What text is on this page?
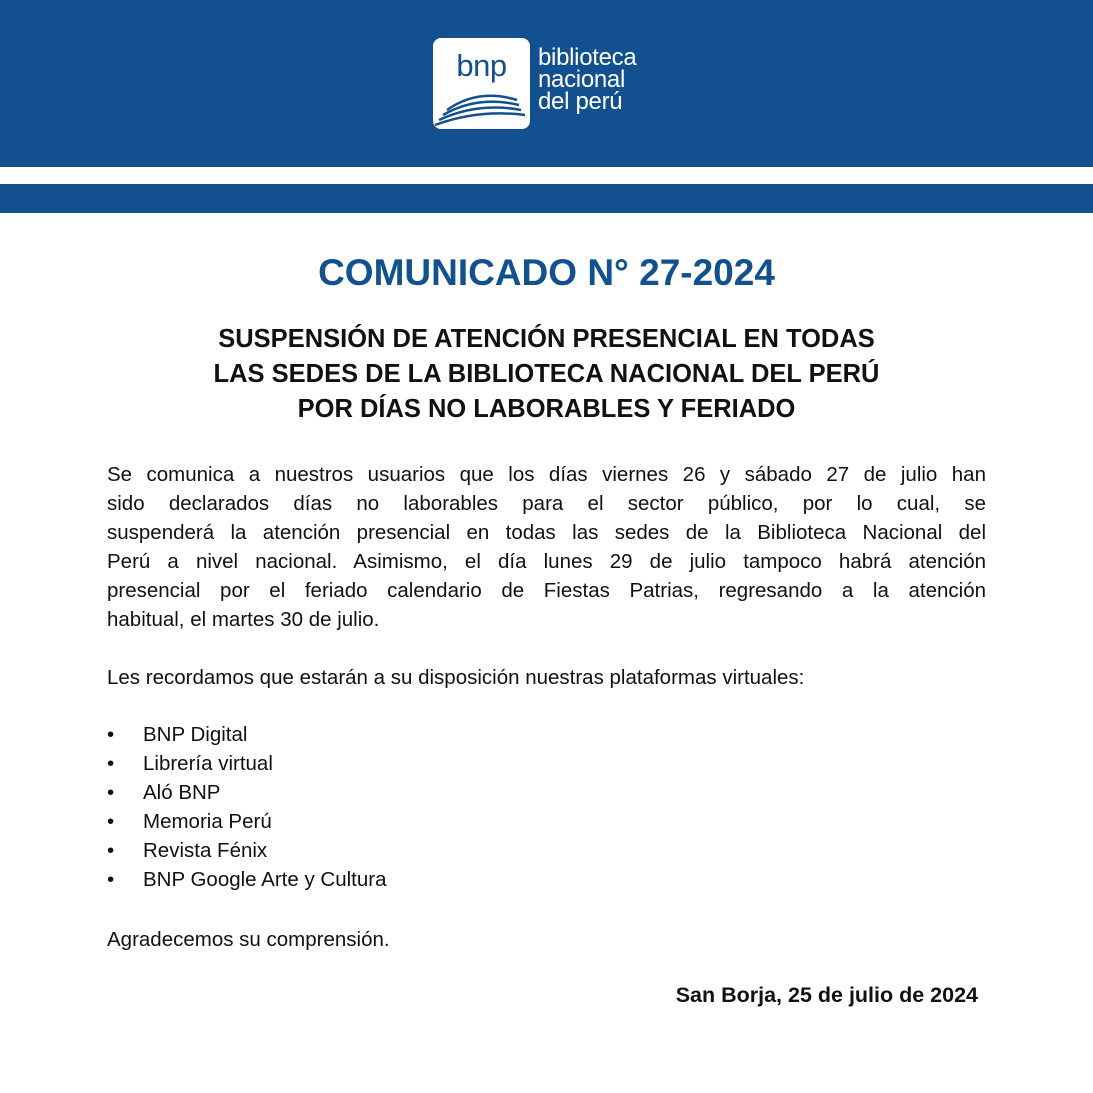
bnp	biblioteca
nacional
del perú
COMUNICADO N° 27-2024
SUSPENSIÓN DE ATENCIÓN PRESENCIAL EN TODAS
LAS SEDES DE LA BIBLIOTECA NACIONAL DEL PERÚ
POR DÍAS NO LABORABLES Y FERIADO
Se comunica a nuestros usuarios que los días viernes 26 y sábado 27 de julio han
sido declarados días no laborables para el sector público, por lo cual, se
suspenderá la atención presencial en todas las sedes de la Biblioteca Nacional del
Perú a nivel nacional. Asimismo, el día lunes 29 de julio tampoco habrá atención
presencial por el feriado calendario de Fiestas Patrias, regresando a la atención
habitual, el martes 30 de julio.
Les recordamos que estarán a su disposición nuestras plataformas virtuales:
• BNP Digital
• Librería virtual
• Aló BNP
• Memoria Perú
• Revista Fénix
• BNP Google Arte y Cultura
Agradecemos su comprensión.
San Borja, 25 de julio de 2024
